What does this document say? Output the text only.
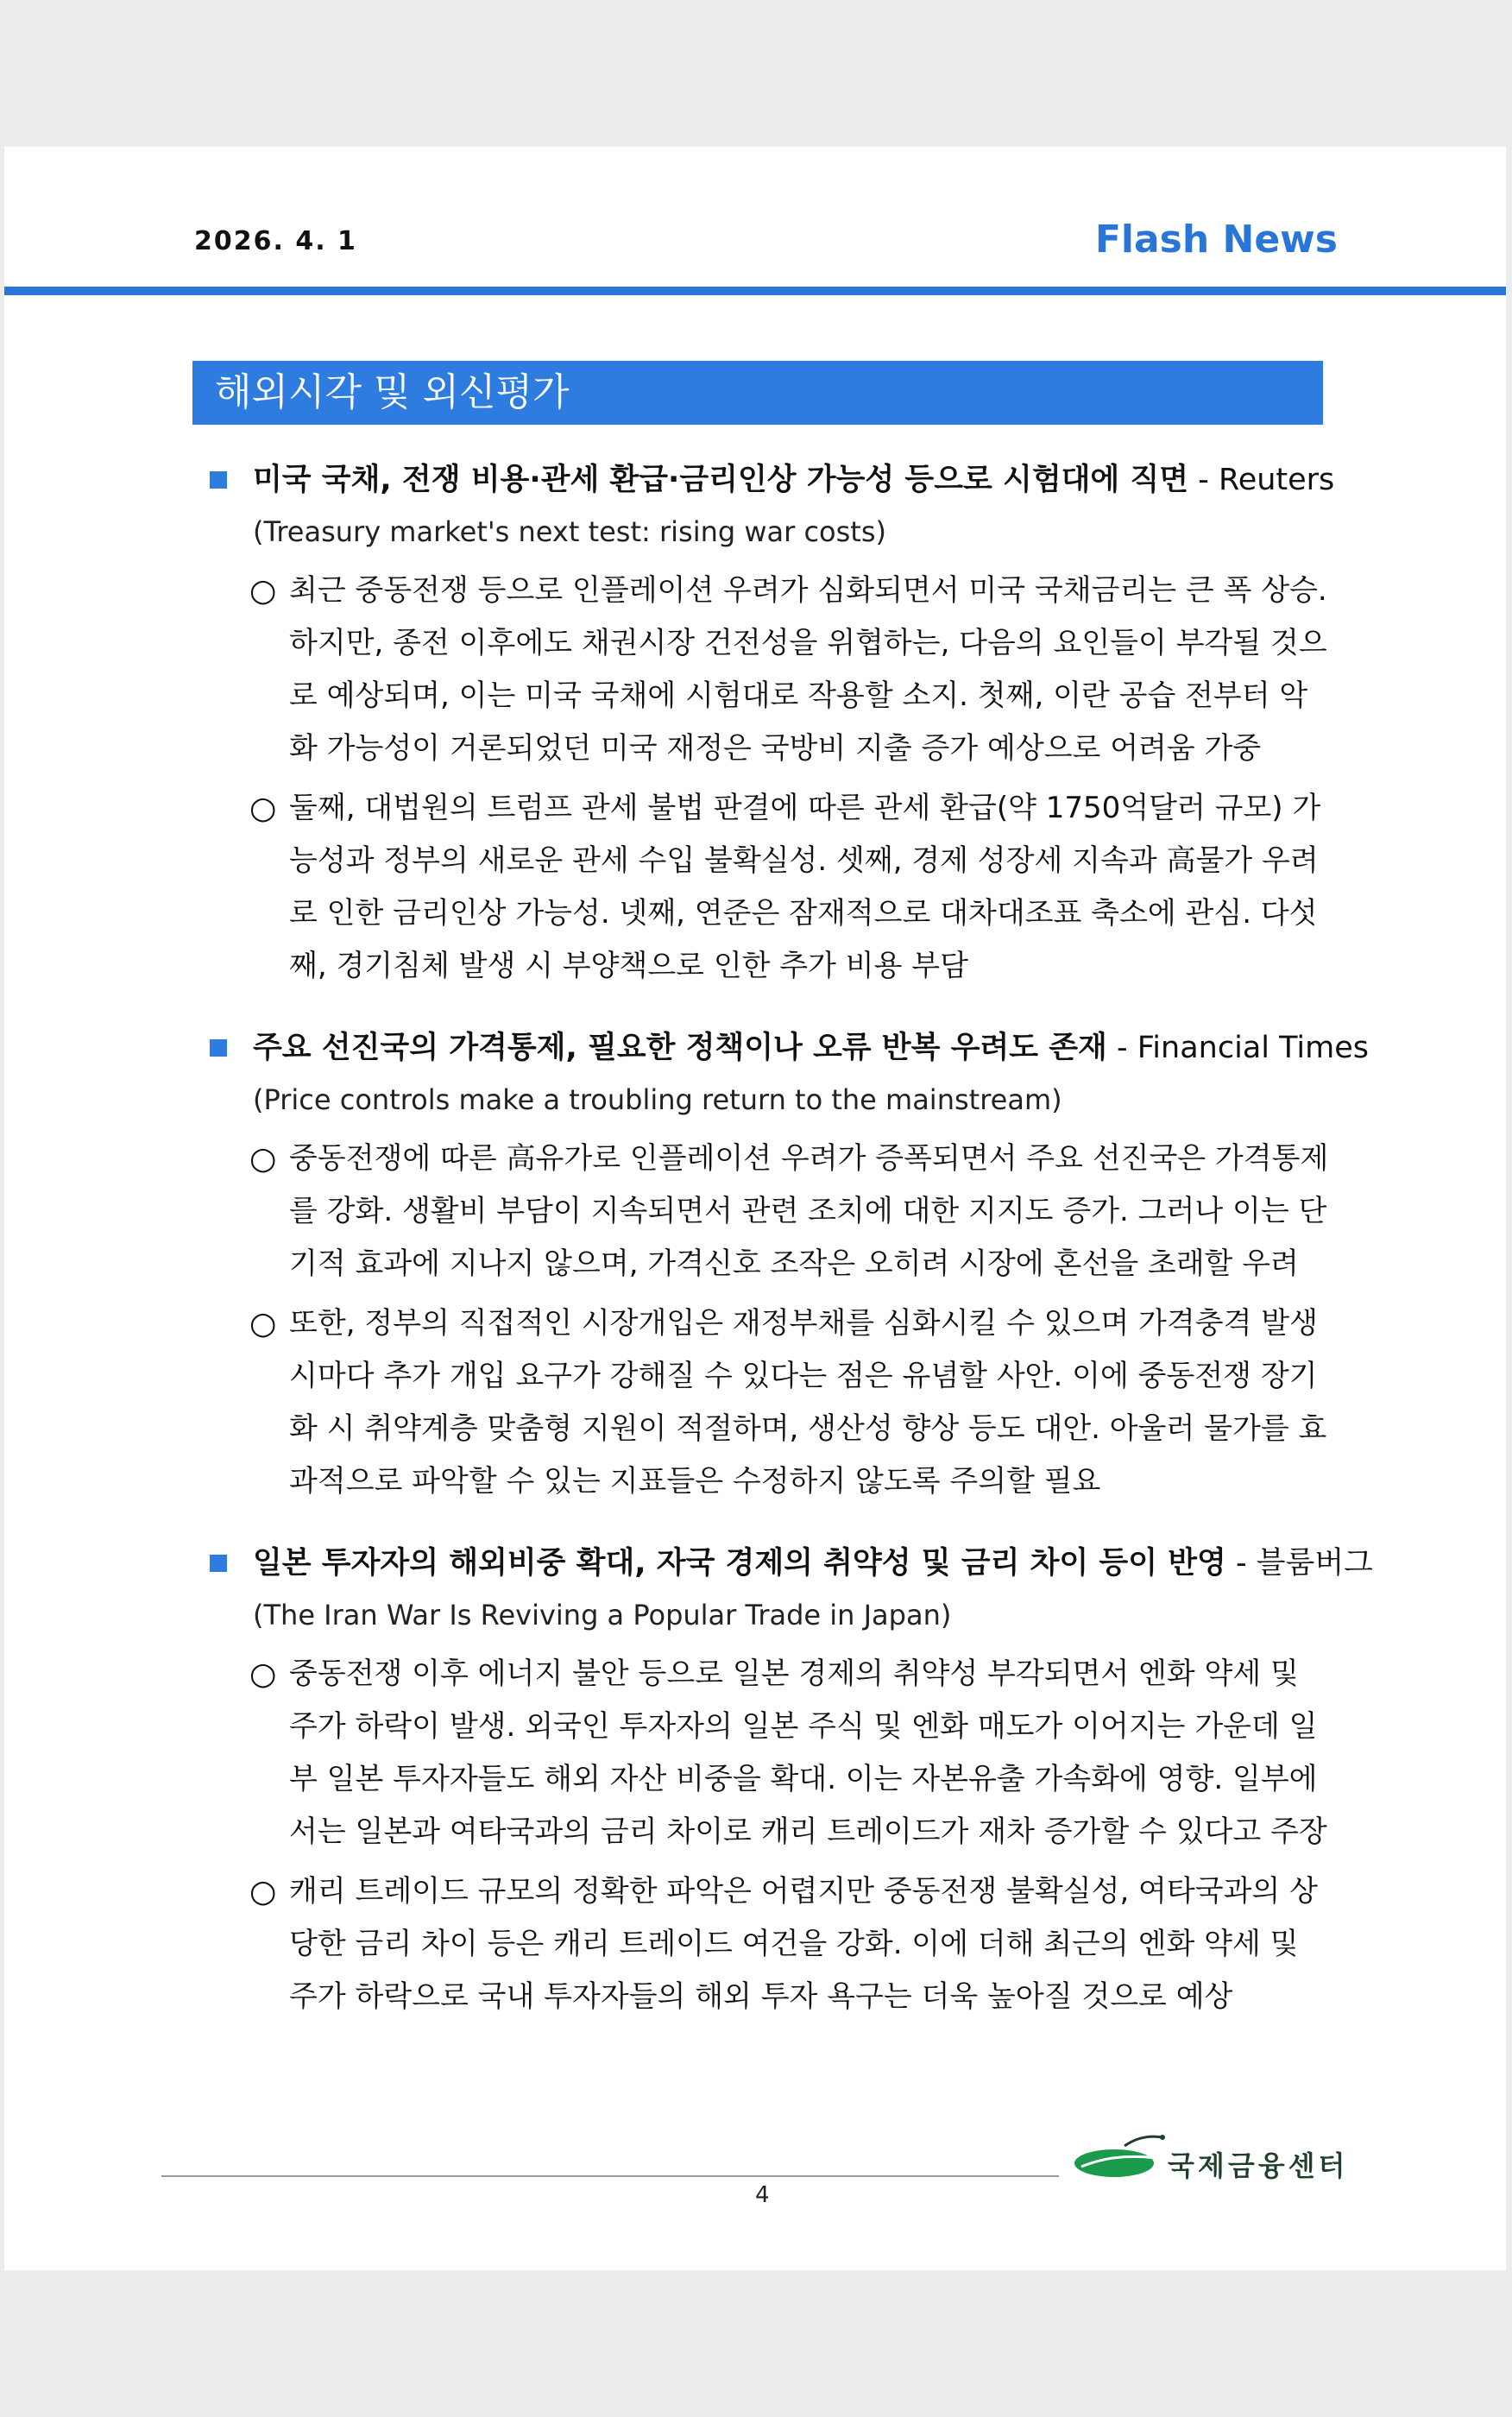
2026. 4. 1	Flash News
해외시각 및 외신평가
미국 국채, 전쟁 비용·관세 환급·금리인상 가능성 등으로 시험대에 직면 - Reuters
(Treasury market's next test: rising war costs)
○ 최근 중동전쟁 등으로 인플레이션 우려가 심화되면서 미국 국채금리는 큰 폭 상승. 하지만, 종전 이후에도 채권시장 건전성을 위협하는, 다음의 요인들이 부각될 것으로 예상되며, 이는 미국 국채에 시험대로 작용할 소지. 첫째, 이란 공습 전부터 악화 가능성이 거론되었던 미국 재정은 국방비 지출 증가 예상으로 어려움 가중
○ 둘째, 대법원의 트럼프 관세 불법 판결에 따른 관세 환급(약 1750억달러 규모) 가능성과 정부의 새로운 관세 수입 불확실성. 셋째, 경제 성장세 지속과 高물가 우려로 인한 금리인상 가능성. 넷째, 연준은 잠재적으로 대차대조표 축소에 관심. 다섯째, 경기침체 발생 시 부양책으로 인한 추가 비용 부담
주요 선진국의 가격통제, 필요한 정책이나 오류 반복 우려도 존재 - Financial Times
(Price controls make a troubling return to the mainstream)
○ 중동전쟁에 따른 高유가로 인플레이션 우려가 증폭되면서 주요 선진국은 가격통제를 강화. 생활비 부담이 지속되면서 관련 조치에 대한 지지도 증가. 그러나 이는 단기적 효과에 지나지 않으며, 가격신호 조작은 오히려 시장에 혼선을 초래할 우려
○ 또한, 정부의 직접적인 시장개입은 재정부채를 심화시킬 수 있으며 가격충격 발생 시마다 추가 개입 요구가 강해질 수 있다는 점은 유념할 사안. 이에 중동전쟁 장기화 시 취약계층 맞춤형 지원이 적절하며, 생산성 향상 등도 대안. 아울러 물가를 효과적으로 파악할 수 있는 지표들은 수정하지 않도록 주의할 필요
일본 투자자의 해외비중 확대, 자국 경제의 취약성 및 금리 차이 등이 반영 - 블룸버그
(The Iran War Is Reviving a Popular Trade in Japan)
○ 중동전쟁 이후 에너지 불안 등으로 일본 경제의 취약성 부각되면서 엔화 약세 및 주가 하락이 발생. 외국인 투자자의 일본 주식 및 엔화 매도가 이어지는 가운데 일부 일본 투자자들도 해외 자산 비중을 확대. 이는 자본유출 가속화에 영향. 일부에서는 일본과 여타국과의 금리 차이로 캐리 트레이드가 재차 증가할 수 있다고 주장
○ 캐리 트레이드 규모의 정확한 파악은 어렵지만 중동전쟁 불확실성, 여타국과의 상당한 금리 차이 등은 캐리 트레이드 여건을 강화. 이에 더해 최근의 엔화 약세 및 주가 하락으로 국내 투자자들의 해외 투자 욕구는 더욱 높아질 것으로 예상
4
국제금융센터
